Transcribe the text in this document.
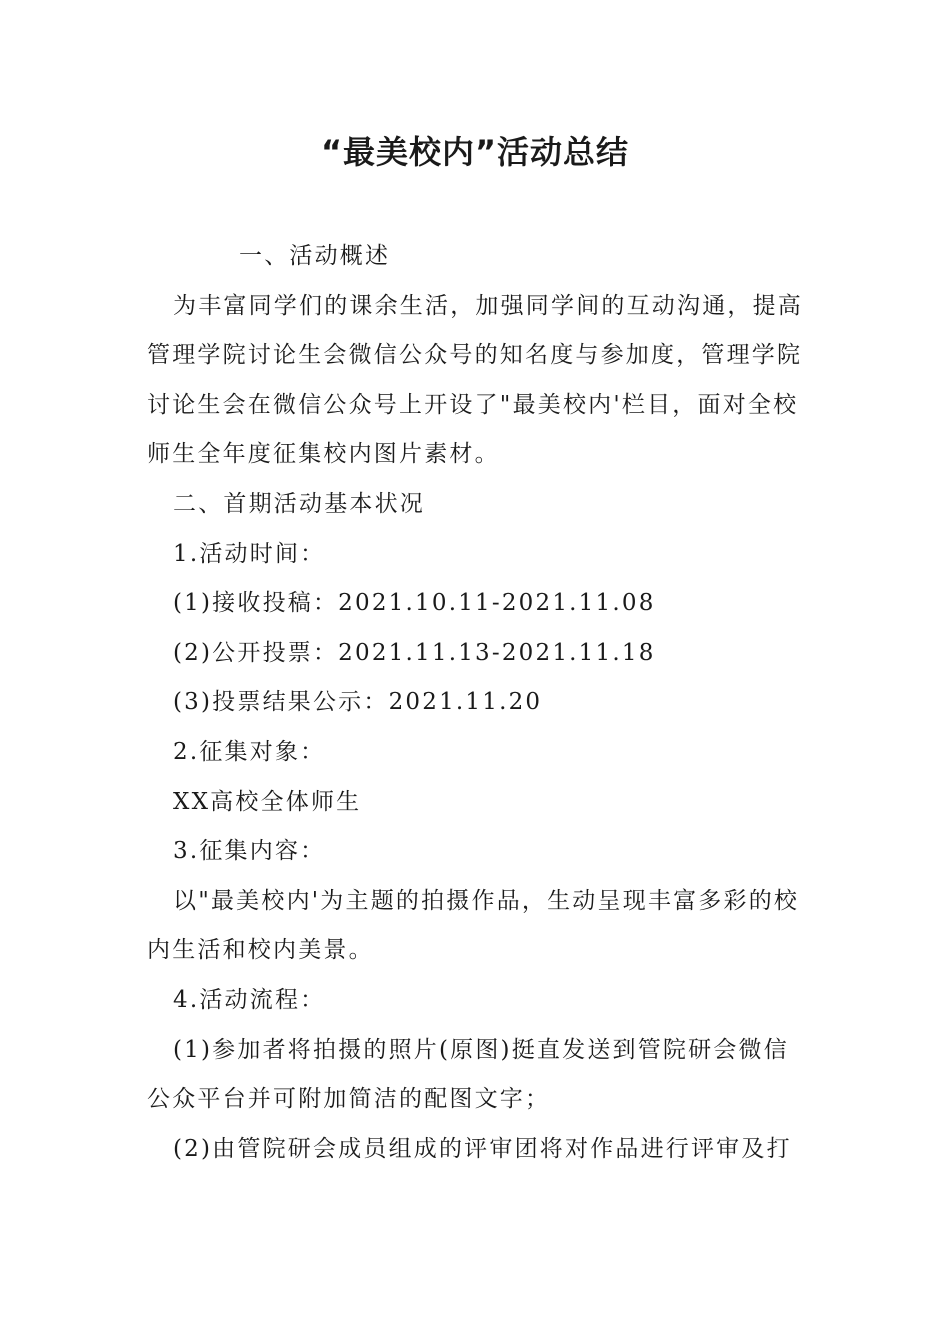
“最美校内”活动总结

一、活动概述

为丰富同学们的课余生活，加强同学间的互动沟通，提高管理学院讨论生会微信公众号的知名度与参加度，管理学院讨论生会在微信公众号上开设了"最美校内'栏目，面对全校师生全年度征集校内图片素材。

二、首期活动基本状况

1.活动时间：

(1)接收投稿：2021.10.11-2021.11.08

(2)公开投票：2021.11.13-2021.11.18

(3)投票结果公示：2021.11.20

2.征集对象：

XX高校全体师生

3.征集内容：

以"最美校内'为主题的拍摄作品，生动呈现丰富多彩的校内生活和校内美景。

4.活动流程：

(1)参加者将拍摄的照片(原图)挺直发送到管院研会微信公众平台并可附加简洁的配图文字；

(2)由管院研会成员组成的评审团将对作品进行评审及打
